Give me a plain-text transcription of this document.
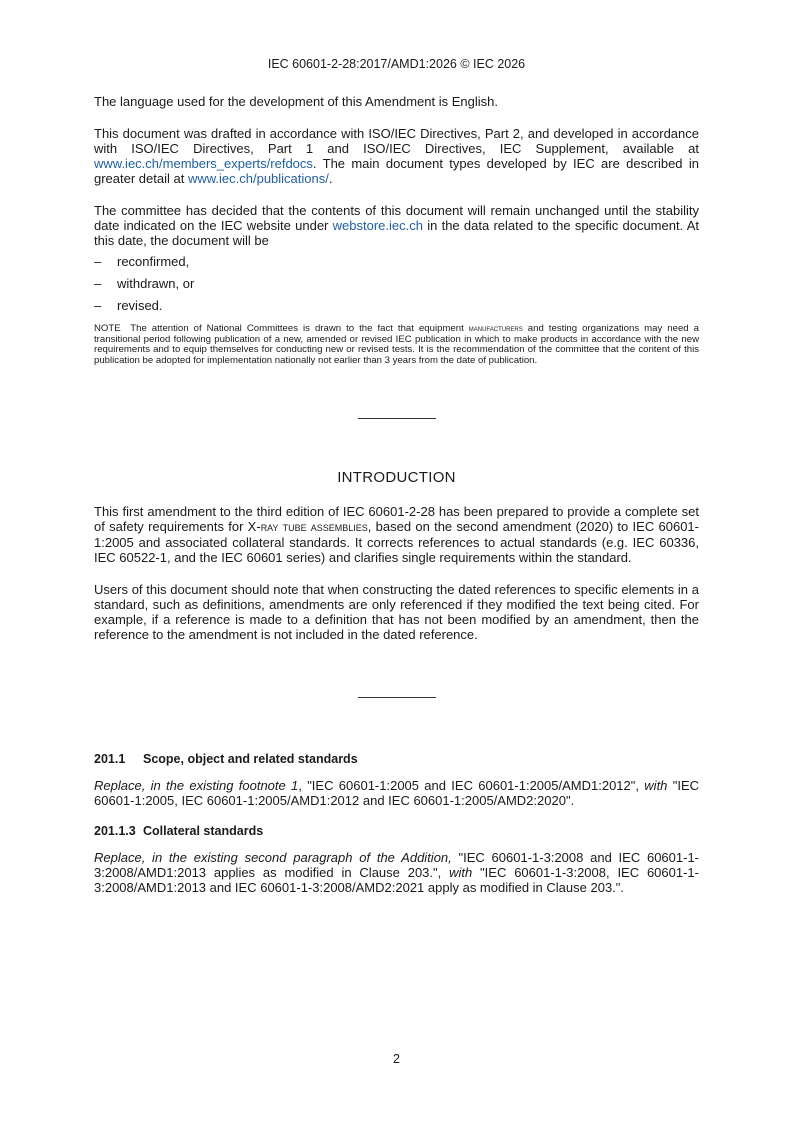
IEC 60601-2-28:2017/AMD1:2026 © IEC 2026

The language used for the development of this Amendment is English.

This document was drafted in accordance with ISO/IEC Directives, Part 2, and developed in accordance with ISO/IEC Directives, Part 1 and ISO/IEC Directives, IEC Supplement, available at www.iec.ch/members_experts/refdocs. The main document types developed by IEC are described in greater detail at www.iec.ch/publications/.

The committee has decided that the contents of this document will remain unchanged until the stability date indicated on the IEC website under webstore.iec.ch in the data related to the specific document. At this date, the document will be

– reconfirmed,
– withdrawn, or
– revised.

NOTE The attention of National Committees is drawn to the fact that equipment manufacturers and testing organizations may need a transitional period following publication of a new, amended or revised IEC publication in which to make products in accordance with the new requirements and to equip themselves for conducting new or revised tests. It is the recommendation of the committee that the content of this publication be adopted for implementation nationally not earlier than 3 years from the date of publication.

INTRODUCTION

This first amendment to the third edition of IEC 60601-2-28 has been prepared to provide a complete set of safety requirements for X-ray tube assemblies, based on the second amendment (2020) to IEC 60601-1:2005 and associated collateral standards. It corrects references to actual standards (e.g. IEC 60336, IEC 60522-1, and the IEC 60601 series) and clarifies single requirements within the standard.

Users of this document should note that when constructing the dated references to specific elements in a standard, such as definitions, amendments are only referenced if they modified the text being cited. For example, if a reference is made to a definition that has not been modified by an amendment, then the reference to the amendment is not included in the dated reference.

201.1 Scope, object and related standards

Replace, in the existing footnote 1, "IEC 60601-1:2005 and IEC 60601-1:2005/AMD1:2012", with "IEC 60601-1:2005, IEC 60601-1:2005/AMD1:2012 and IEC 60601-1:2005/AMD2:2020".

201.1.3 Collateral standards

Replace, in the existing second paragraph of the Addition, "IEC 60601-1-3:2008 and IEC 60601-1-3:2008/AMD1:2013 applies as modified in Clause 203.", with "IEC 60601-1-3:2008, IEC 60601-1-3:2008/AMD1:2013 and IEC 60601-1-3:2008/AMD2:2021 apply as modified in Clause 203.".

2
